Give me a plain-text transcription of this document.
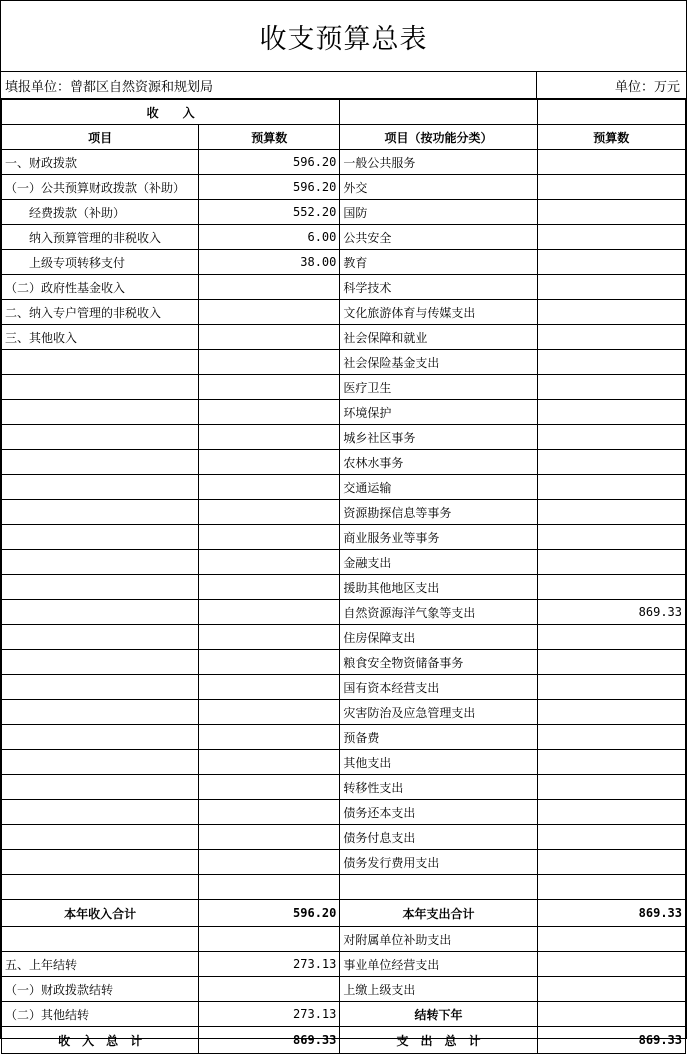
收支预算总表
填报单位：曾都区自然资源和规划局	单位：万元
收　　入			
项目	预算数	项目（按功能分类）	预算数
一、财政拨款	596.20	一般公共服务	
（一）公共预算财政拨款（补助）	596.20	外交	
　　经费拨款（补助）	552.20	国防	
　　纳入预算管理的非税收入	6.00	公共安全	
　　上级专项转移支付	38.00	教育	
（二）政府性基金收入		科学技术	
二、纳入专户管理的非税收入		文化旅游体育与传媒支出	
三、其他收入		社会保障和就业	
		社会保险基金支出	
		医疗卫生	
		环境保护	
		城乡社区事务	
		农林水事务	
		交通运输	
		资源勘探信息等事务	
		商业服务业等事务	
		金融支出	
		援助其他地区支出	
		自然资源海洋气象等支出	869.33
		住房保障支出	
		粮食安全物资储备事务	
		国有资本经营支出	
		灾害防治及应急管理支出	
		预备费	
		其他支出	
		转移性支出	
		债务还本支出	
		债务付息支出	
		债务发行费用支出	

本年收入合计	596.20	本年支出合计	869.33
		对附属单位补助支出	
五、上年结转	273.13	事业单位经营支出	
（一）财政拨款结转		上缴上级支出	
（二）其他结转	273.13	结转下年	
收　入　总　计	869.33	支　出　总　计	869.33
